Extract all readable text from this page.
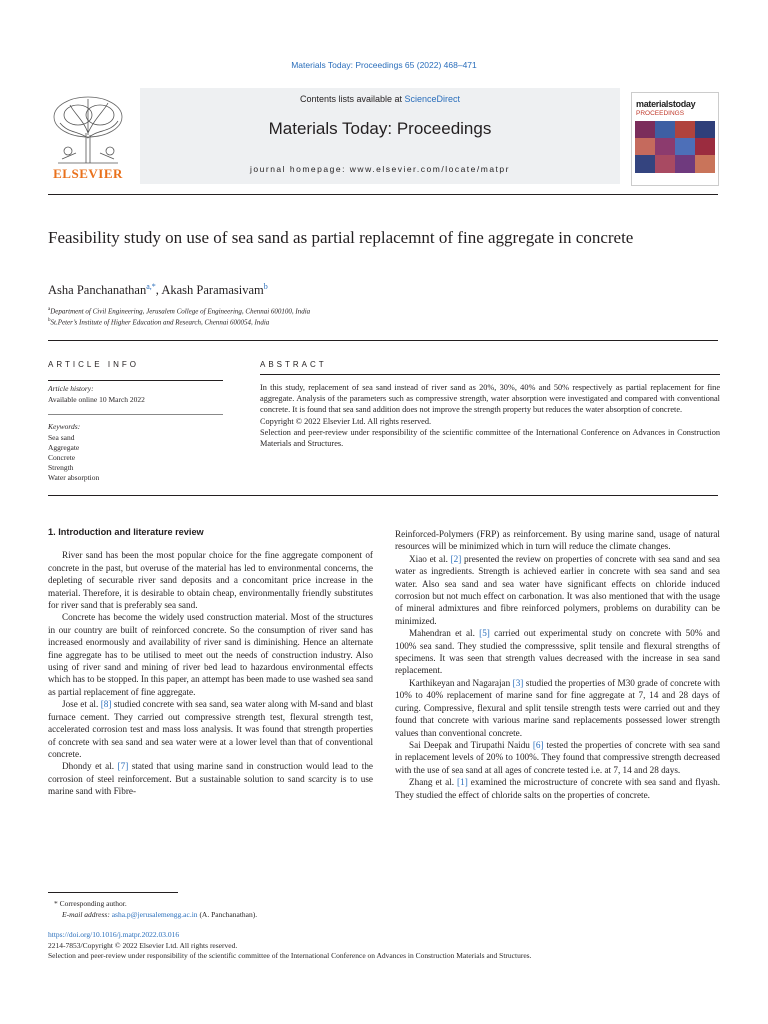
Materials Today: Proceedings 65 (2022) 468–471
ELSEVIER
Contents lists available at ScienceDirect
Materials Today: Proceedings
journal homepage: www.elsevier.com/locate/matpr
materialstoday
PROCEEDINGS
Feasibility study on use of sea sand as partial replacemnt of fine aggregate in concrete
Asha Panchanathan$^{a,*}$, Akash Paramasivam$^b$
$^a$Department of Civil Engineering, Jerusalem College of Engineering, Chennai 600100, India
$^b$St.Peter’s Institute of Higher Education and Research, Chennai 600054, India
ARTICLE INFO
Article history:
Available online 10 March 2022
Keywords:
Sea sand
Aggregate
Concrete
Strength
Water absorption
ABSTRACT
In this study, replacement of sea sand instead of river sand as 20%, 30%, 40% and 50% respectively as partial replacement for fine aggregate. Analysis of the parameters such as compressive strength, water absorption were investigated and compared with conventional concrete. It is found that sea sand addition does not improve the strength property but reduces the water absorption of concrete.
Copyright © 2022 Elsevier Ltd. All rights reserved.
Selection and peer-review under responsibility of the scientific committee of the International Conference on Advances in Construction Materials and Structures.
1. Introduction and literature review

River sand has been the most popular choice for the fine aggregate component of concrete in the past, but overuse of the material has led to environmental concerns, the depleting of securable river sand deposits and a concomitant price increase in the material. Therefore, it is desirable to obtain cheap, environmentally friendly substitutes for river sand that is preferably sea sand.

Concrete has become the widely used construction material. Most of the structures in our country are built of reinforced concrete. So the consumption of river sand has increased enormously and availability of river sand is diminishing. Hence an alternate fine aggregate has to be utilised to meet out the needs of construction industry. Also using of river sand and mining of river bed lead to hazardous environmental effects which has to be stopped. In this paper, an attempt has been made to use washed sea sand as partial replacement of fine aggregate.

Jose et al. [8] studied concrete with sea sand, sea water along with M-sand and blast furnace cement. They carried out compressive strength test, flexural strength test, accelerated corrosion test and mass loss analysis. It was found that strength properties of concrete with sea sand and sea water were at a lower level than that of conventional concrete.

Dhondy et al. [7] stated that using marine sand in construction would lead to the corrosion of steel reinforcement. But a sustainable solution to sand scarcity is to use marine sand with Fibre-

Reinforced-Polymers (FRP) as reinforcement. By using marine sand, usage of natural resources will be minimized which in turn will reduce the climate changes.

Xiao et al. [2] presented the review on properties of concrete with sea sand and sea water as ingredients. Strength is achieved earlier in concrete with sea sand and sea water. Also sea sand and sea water have significant effects on chloride induced corrosion but not much effect on carbonation. It was also mentioned that with the usage of mineral admixtures and fibre reinforced polymers, problems on durability can be minimized.

Mahendran et al. [5] carried out experimental study on concrete with 50% and 100% sea sand. They studied the compresssive, split tensile and flexural strengths of specimens. It was seen that strength values decreased with the increase in sea sand replacement.

Karthikeyan and Nagarajan [3] studied the properties of M30 grade of concrete with 10% to 40% replacement of marine sand for fine aggregate at 7, 14 and 28 days of curing. Compressive, flexural and split tensile strength tests were carried out and they found that concrete with various marine sand replacements possessed lower strength values than conventional concrete.

Sai Deepak and Tirupathi Naidu [6] tested the properties of concrete with sea sand in replacement levels of 20% to 100%. They found that compressive strength decreased with the use of sea sand at all ages of concrete tested i.e. at 7, 14 and 28 days.

Zhang et al. [1] examined the microstructure of concrete with sea sand and flyash. They studied the effect of chloride salts on the properties of concrete.

* Corresponding author.
E-mail address: asha.p@jerusalemengg.ac.in (A. Panchanathan).
https://doi.org/10.1016/j.matpr.2022.03.016
2214-7853/Copyright © 2022 Elsevier Ltd. All rights reserved.
Selection and peer-review under responsibility of the scientific committee of the International Conference on Advances in Construction Materials and Structures.
